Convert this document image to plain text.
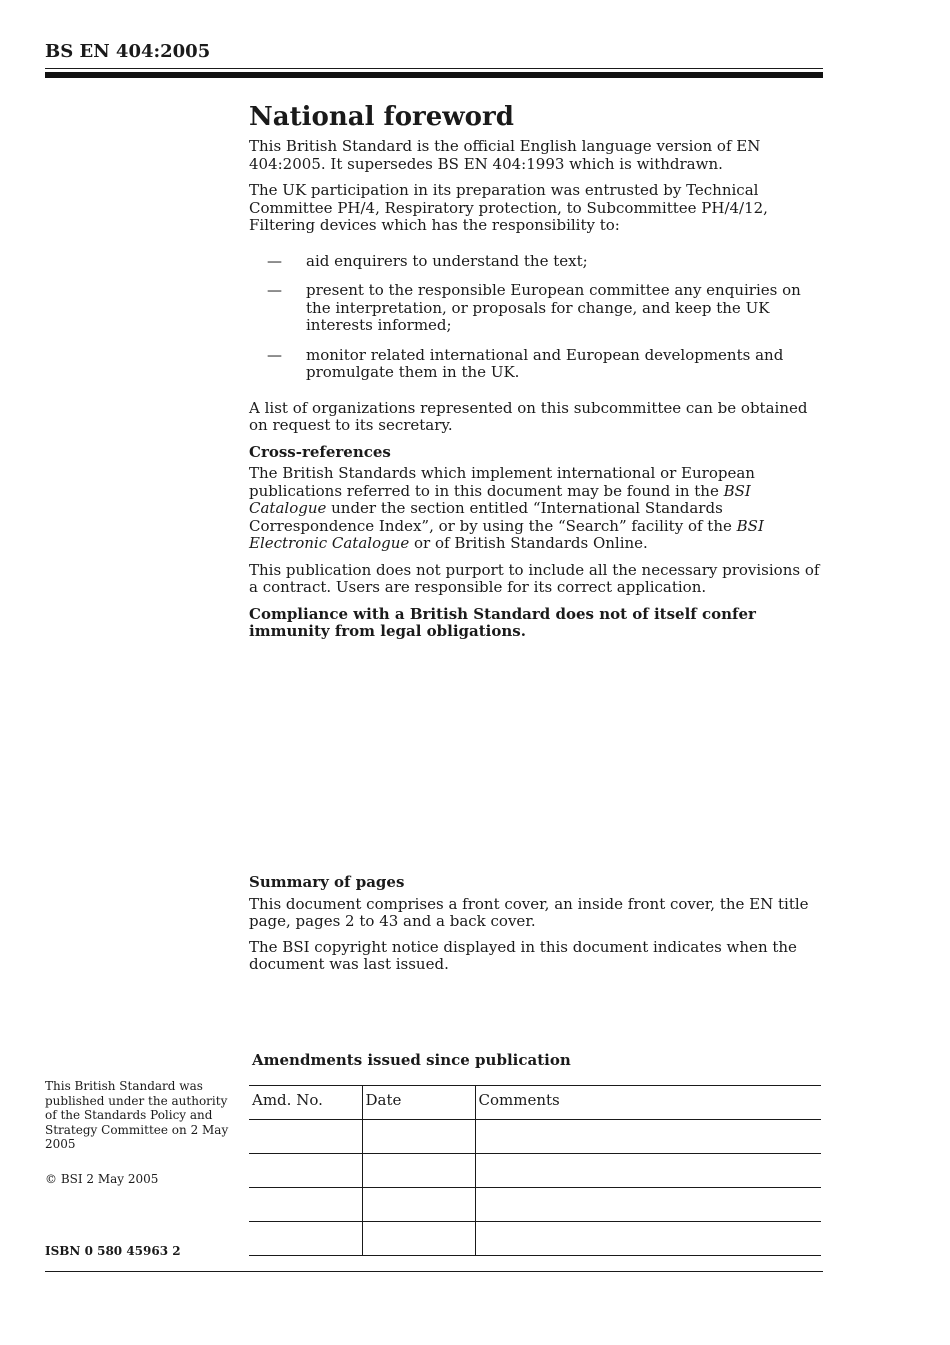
BS EN 404:2005
National foreword

This British Standard is the official English language version of EN 404:2005. It supersedes BS EN 404:1993 which is withdrawn.

The UK participation in its preparation was entrusted by Technical Committee PH/4, Respiratory protection, to Subcommittee PH/4/12, Filtering devices which has the responsibility to:

— aid enquirers to understand the text;
— present to the responsible European committee any enquiries on the interpretation, or proposals for change, and keep the UK interests informed;
— monitor related international and European developments and promulgate them in the UK.

A list of organizations represented on this subcommittee can be obtained on request to its secretary.

Cross-references

The British Standards which implement international or European publications referred to in this document may be found in the BSI Catalogue under the section entitled “International Standards Correspondence Index”, or by using the “Search” facility of the BSI Electronic Catalogue or of British Standards Online.

This publication does not purport to include all the necessary provisions of a contract. Users are responsible for its correct application.

Compliance with a British Standard does not of itself confer immunity from legal obligations.

Summary of pages

This document comprises a front cover, an inside front cover, the EN title page, pages 2 to 43 and a back cover.

The BSI copyright notice displayed in this document indicates when the document was last issued.

Amendments issued since publication
Amd. No.	Date	Comments

This British Standard was published under the authority of the Standards Policy and Strategy Committee on 2 May 2005
© BSI 2 May 2005
ISBN 0 580 45963 2
